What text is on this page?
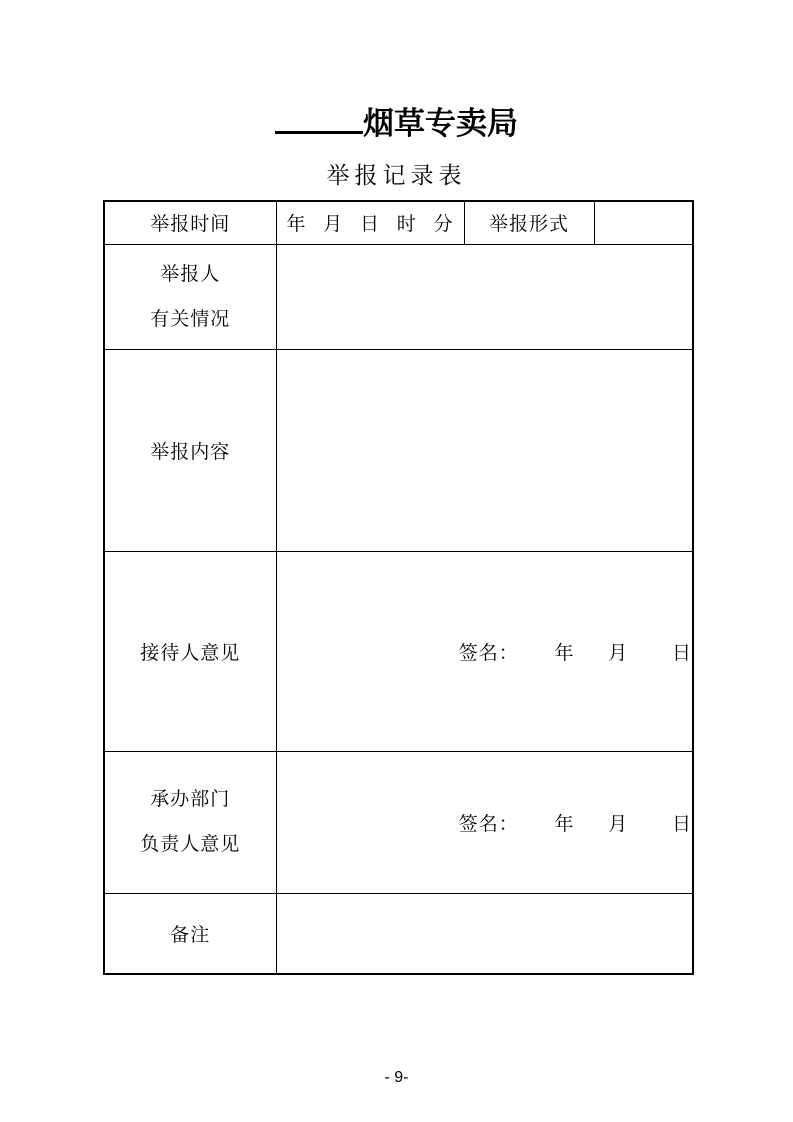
烟草专卖局
举报记录表
举报时间	年 月 日 时 分	举报形式	

举报人
有关情况			

举报内容			
接待人意见	签名： 年 月 日		

承办部门
负责人意见	签名： 年 月 日		

备注			
- 9-
